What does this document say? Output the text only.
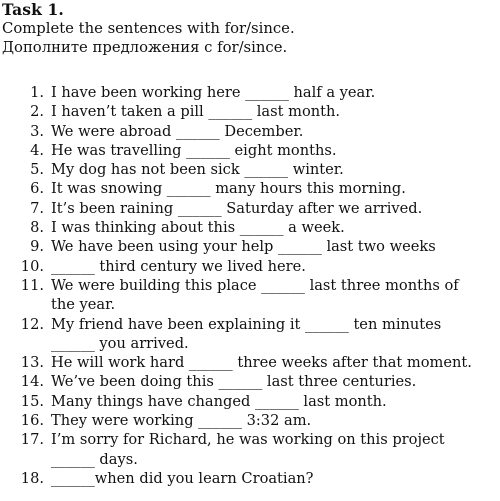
Task 1.

Complete the sentences with for/since.

Дополните предложения с for/since.

1. I have been working here ______ half a year.
2. I haven’t taken a pill ______ last month.
3. We were abroad ______ December.
4. He was travelling ______ eight months.
5. My dog has not been sick ______ winter.
6. It was snowing ______ many hours this morning.
7. It’s been raining ______ Saturday after we arrived.
8. I was thinking about this ______ a week.
9. We have been using your help ______ last two weeks
10. ______ third century we lived here.
11. We were building this place ______ last three months of
the year.
12. My friend have been explaining it ______ ten minutes
______ you arrived.
13. He will work hard ______ three weeks after that moment.
14. We’ve been doing this ______ last three centuries.
15. Many things have changed ______ last month.
16. They were working ______ 3:32 am.
17. I’m sorry for Richard, he was working on this project
______ days.
18. ______when did you learn Croatian?
